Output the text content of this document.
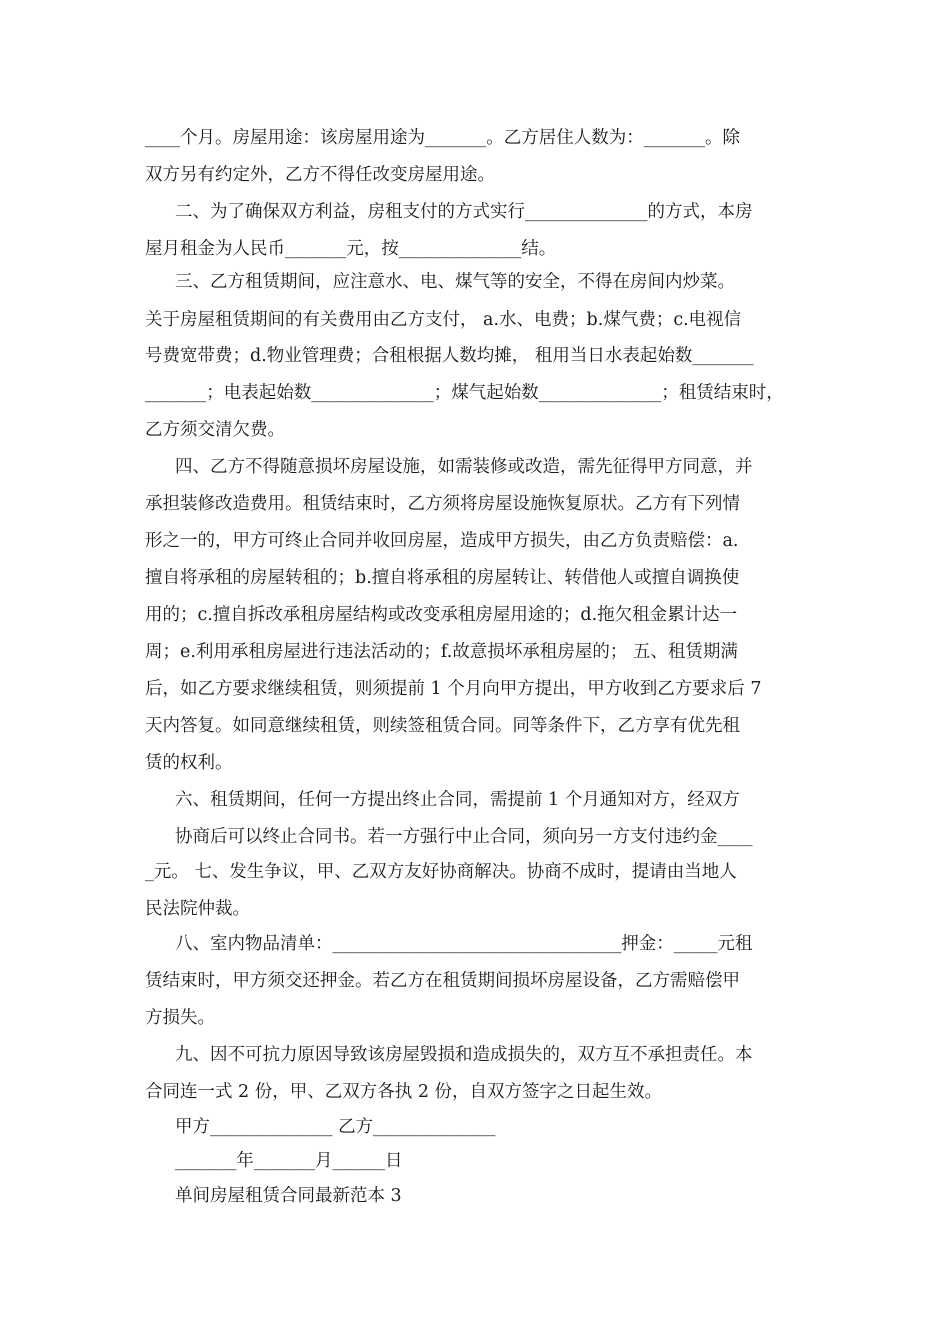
____个月。房屋用途：该房屋用途为_______。乙方居住人数为：_______。除
双方另有约定外，乙方不得任改变房屋用途。
二、为了确保双方利益，房租支付的方式实行______________的方式，本房
屋月租金为人民币_______元，按______________结。
三、乙方租赁期间，应注意水、电、煤气等的安全，不得在房间内炒菜。
关于房屋租赁期间的有关费用由乙方支付， a.水、电费；b.煤气费；c.电视信
号费宽带费；d.物业管理费；合租根据人数均摊， 租用当日水表起始数_______
_______；电表起始数______________；煤气起始数______________；租赁结束时，
乙方须交清欠费。
四、乙方不得随意损坏房屋设施，如需装修或改造，需先征得甲方同意，并
承担装修改造费用。租赁结束时，乙方须将房屋设施恢复原状。乙方有下列情
形之一的，甲方可终止合同并收回房屋，造成甲方损失，由乙方负责赔偿：a.
擅自将承租的房屋转租的；b.擅自将承租的房屋转让、转借他人或擅自调换使
用的；c.擅自拆改承租房屋结构或改变承租房屋用途的；d.拖欠租金累计达一
周；e.利用承租房屋进行违法活动的；f.故意损坏承租房屋的； 五、租赁期满
后，如乙方要求继续租赁，则须提前 1 个月向甲方提出，甲方收到乙方要求后 7
天内答复。如同意继续租赁，则续签租赁合同。同等条件下，乙方享有优先租
赁的权利。
六、租赁期间，任何一方提出终止合同，需提前 1 个月通知对方，经双方
协商后可以终止合同书。若一方强行中止合同，须向另一方支付违约金____
_元。 七、发生争议，甲、乙双方友好协商解决。协商不成时，提请由当地人
民法院仲裁。
八、室内物品清单：_________________________________押金：_____元租
赁结束时，甲方须交还押金。若乙方在租赁期间损坏房屋设备，乙方需赔偿甲
方损失。
九、因不可抗力原因导致该房屋毁损和造成损失的，双方互不承担责任。本
合同连一式 2 份，甲、乙双方各执 2 份，自双方签字之日起生效。
甲方______________ 乙方______________
_______年_______月______日
单间房屋租赁合同最新范本 3
